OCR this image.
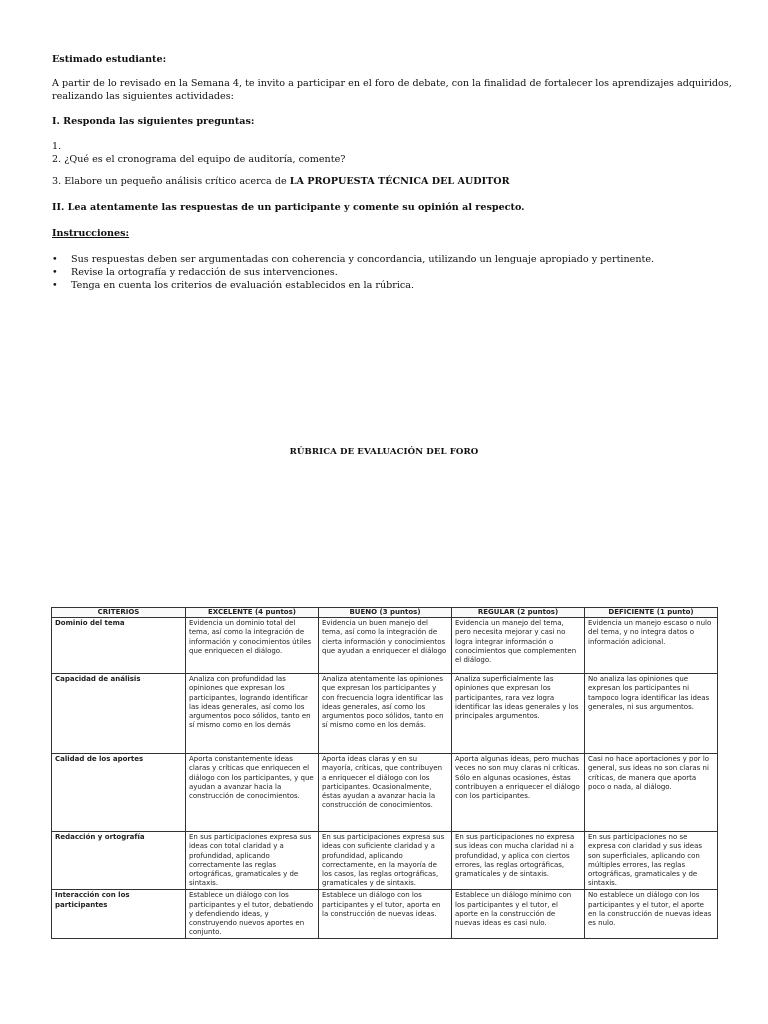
Estimado estudiante:
A partir de lo revisado en la Semana 4, te invito a participar en el foro de debate, con la finalidad de fortalecer los aprendizajes adquiridos,
realizando las siguientes actividades:
I. Responda las siguientes preguntas:
1.
2. ¿Qué es el cronograma del equipo de auditoría, comente?
3. Elabore un pequeño análisis crítico acerca de LA PROPUESTA TÉCNICA DEL AUDITOR
II. Lea atentamente las respuestas de un participante y comente su opinión al respecto.
Instrucciones:
• Sus respuestas deben ser argumentadas con coherencia y concordancia, utilizando un lenguaje apropiado y pertinente.
• Revise la ortografía y redacción de sus intervenciones.
• Tenga en cuenta los criterios de evaluación establecidos en la rúbrica.
RÚBRICA DE EVALUACIÓN DEL FORO
CRITERIOS	EXCELENTE (4 puntos)	BUENO (3 puntos)	REGULAR (2 puntos)	DEFICIENTE (1 punto)
Dominio del tema	Evidencia un dominio total del tema, así como la integración de información y conocimientos útiles que enriquecen el diálogo.	Evidencia un buen manejo del tema, así como la integración de cierta información y conocimientos que ayudan a enriquecer el diálogo	Evidencia un manejo del tema, pero necesita mejorar y casi no logra integrar información o conocimientos que complementen el diálogo.	Evidencia un manejo escaso o nulo del tema, y no integra datos o información adicional.
Capacidad de análisis	Analiza con profundidad las opiniones que expresan los participantes, logrando identificar las ideas generales, así como los argumentos poco sólidos, tanto en sí mismo como en los demás	Analiza atentamente las opiniones que expresan los participantes y con frecuencia logra identificar las ideas generales, así como los argumentos poco sólidos, tanto en sí mismo como en los demás.	Analiza superficialmente las opiniones que expresan los participantes, rara vez logra identificar las ideas generales y los principales argumentos.	No analiza las opiniones que expresan los participantes ni tampoco logra identificar las ideas generales, ni sus argumentos.
Calidad de los aportes	Aporta constantemente ideas claras y críticas que enriquecen el diálogo con los participantes, y que ayudan a avanzar hacia la construcción de conocimientos.	Aporta ideas claras y en su mayoría, críticas, que contribuyen a enriquecer el diálogo con los participantes. Ocasionalmente, éstas ayudan a avanzar hacia la construcción de conocimientos.	Aporta algunas ideas, pero muchas veces no son muy claras ni críticas. Sólo en algunas ocasiones, éstas contribuyen a enriquecer el diálogo con los participantes.	Casi no hace aportaciones y por lo general, sus ideas no son claras ni críticas, de manera que aporta poco o nada, al diálogo.
Redacción y ortografía	En sus participaciones expresa sus ideas con total claridad y a profundidad, aplicando correctamente las reglas ortográficas, gramaticales y de sintaxis.	En sus participaciones expresa sus ideas con suficiente claridad y a profundidad, aplicando correctamente, en la mayoría de los casos, las reglas ortográficas, gramaticales y de sintaxis.	En sus participaciones no expresa sus ideas con mucha claridad ni a profundidad, y aplica con ciertos errores, las reglas ortográficas, gramaticales y de sintaxis.	En sus participaciones no se expresa con claridad y sus ideas son superficiales, aplicando con múltiples errores, las reglas ortográficas, gramaticales y de sintaxis.
Interacción con los participantes	Establece un diálogo con los participantes y el tutor, debatiendo y defendiendo ideas, y construyendo nuevos aportes en conjunto.	Establece un diálogo con los participantes y el tutor, aporta en la construcción de nuevas ideas.	Establece un diálogo mínimo con los participantes y el tutor, el aporte en la construcción de nuevas ideas es casi nulo.	No establece un diálogo con los participantes y el tutor, el aporte en la construcción de nuevas ideas es nulo.
